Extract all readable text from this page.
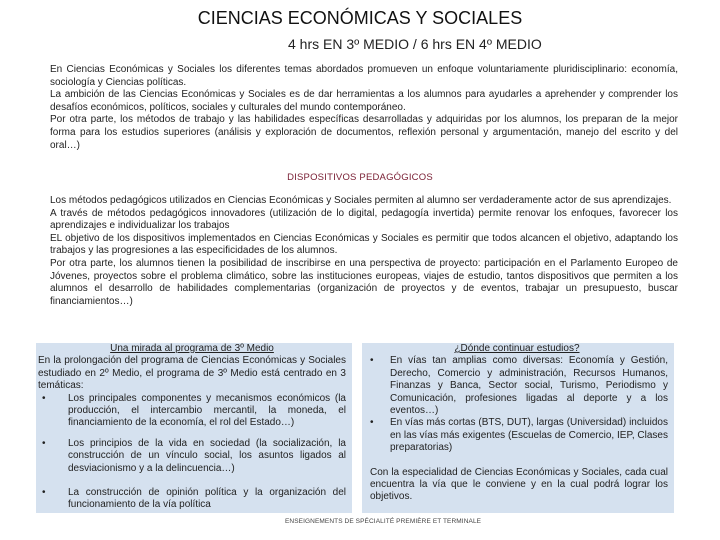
CIENCIAS ECONÓMICAS Y SOCIALES
4 hrs EN 3º MEDIO / 6 hrs EN 4º MEDIO

En Ciencias Económicas y Sociales los diferentes temas abordados promueven un enfoque voluntariamente pluridisciplinario: economía, sociología y Ciencias políticas.

La ambición de las Ciencias Económicas y Sociales es de dar herramientas a los alumnos para ayudarles a aprehender y comprender los desafíos económicos, políticos, sociales y culturales del mundo contemporáneo.

Por otra parte, los métodos de trabajo y las habilidades específicas desarrolladas y adquiridas por los alumnos, los preparan de la mejor forma para los estudios superiores (análisis y exploración de documentos, reflexión personal y argumentación, manejo del escrito y del oral…)

DISPOSITIVOS PEDAGÓGICOS

Los métodos pedagógicos utilizados en Ciencias Económicas y Sociales permiten al alumno ser verdaderamente actor de sus aprendizajes.

A través de métodos pedagógicos innovadores (utilización de lo digital, pedagogía invertida) permite renovar los enfoques, favorecer los aprendizajes e individualizar los trabajos

EL objetivo de los dispositivos implementados en Ciencias Económicas y Sociales es permitir que todos alcancen el objetivo, adaptando los trabajos y las progresiones a las especificidades de los alumnos.

Por otra parte, los alumnos tienen la posibilidad de inscribirse en una perspectiva de proyecto: participación en el Parlamento Europeo de Jóvenes, proyectos sobre el problema climático, sobre las instituciones europeas, viajes de estudio, tantos dispositivos que permiten a los alumnos el desarrollo de habilidades complementarias (organización de proyectos y de eventos, trabajar un presupuesto, buscar financiamientos…)

Una mirada al programa de 3º Medio

En la prolongación del programa de Ciencias Económicas y Sociales estudiado en 2º Medio, el programa de 3º Medio está centrado en 3 temáticas:

• Los principales componentes y mecanismos económicos (la producción, el intercambio mercantil, la moneda, el financiamiento de la economía, el rol del Estado…)
• Los principios de la vida en sociedad (la socialización, la construcción de un vínculo social, los asuntos ligados al desviacionismo y a la delincuencia…)
• La construcción de opinión política y la organización del funcionamiento de la vía política
¿Dónde continuar estudios?
• En vías tan amplias como diversas: Economía y Gestión, Derecho, Comercio y administración, Recursos Humanos, Finanzas y Banca, Sector social, Turismo, Periodismo y Comunicación, profesiones ligadas al deporte y a los eventos…)
• En vías más cortas (BTS, DUT), largas (Universidad) incluidos en las vías más exigentes (Escuelas de Comercio, IEP, Clases preparatorias)

Con la especialidad de Ciencias Económicas y Sociales, cada cual encuentra la vía que le conviene y en la cual podrá lograr los objetivos.

ENSEIGNEMENTS DE SPÉCIALITÉ PREMIÈRE ET TERMINALE
